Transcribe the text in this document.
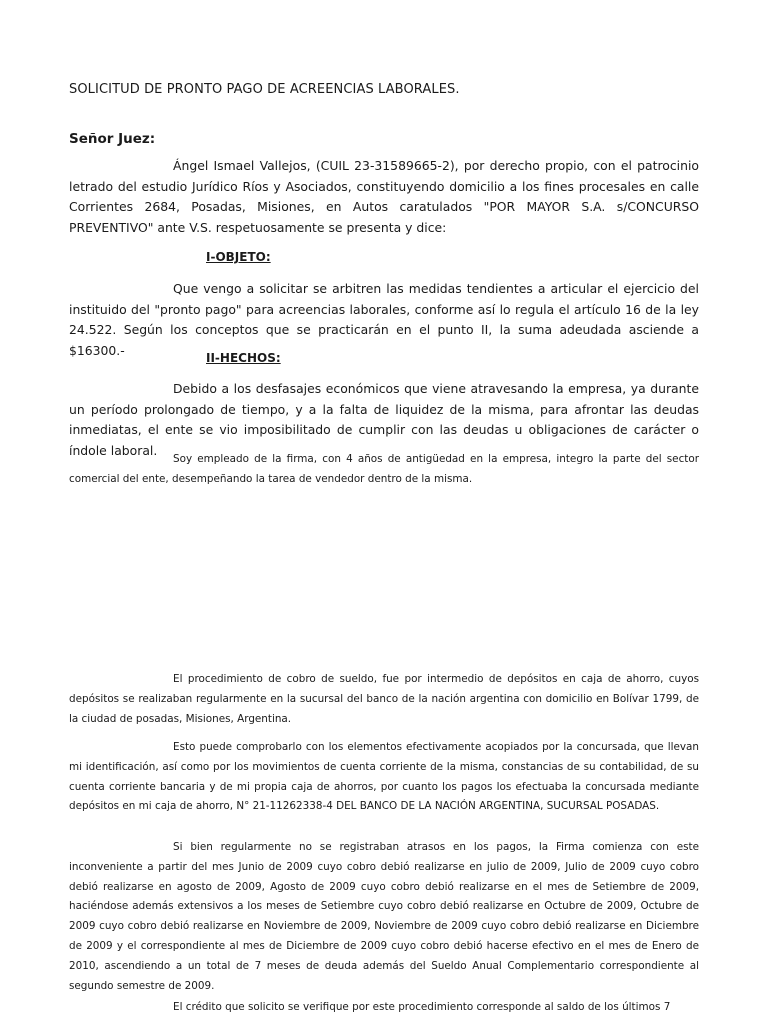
SOLICITUD DE PRONTO PAGO DE ACREENCIAS LABORALES.

Señor Juez:

Ángel Ismael Vallejos, (CUIL 23-31589665-2), por derecho propio, con el patrocinio letrado del estudio Jurídico Ríos y Asociados, constituyendo domicilio a los fines procesales en calle Corrientes 2684, Posadas, Misiones, en Autos caratulados "POR MAYOR S.A. s/CONCURSO PREVENTIVO" ante V.S. respetuosamente se presenta y dice:

I-OBJETO:

Que vengo a solicitar se arbitren las medidas tendientes a articular el ejercicio del instituido del "pronto pago" para acreencias laborales, conforme así lo regula el artículo 16 de la ley 24.522. Según los conceptos que se practicarán en el punto II, la suma adeudada asciende a $16300.-	II-HECHOS:

Debido a los desfasajes económicos que viene atravesando la empresa, ya durante un período prolongado de tiempo, y a la falta de liquidez de la misma, para afrontar las deudas inmediatas, el ente se vio imposibilitado de cumplir con las deudas u obligaciones de carácter o índole laboral.

Soy empleado de la firma, con 4 años de antigüedad en la empresa, integro la parte del sector comercial del ente, desempeñando la tarea de vendedor dentro de la misma.

El procedimiento de cobro de sueldo, fue por intermedio de depósitos en caja de ahorro, cuyos depósitos se realizaban regularmente en la sucursal del banco de la nación argentina con domicilio en Bolívar 1799, de la ciudad de posadas, Misiones, Argentina.

Esto puede comprobarlo con los elementos efectivamente acopiados por la concursada, que llevan mi identificación, así como por los movimientos de cuenta corriente de la misma, constancias de su contabilidad, de su cuenta corriente bancaria y de mi propia caja de ahorros, por cuanto los pagos los efectuaba la concursada mediante depósitos en mi caja de ahorro, N° 21-11262338-4 DEL BANCO DE LA NACIÓN ARGENTINA, SUCURSAL POSADAS.

Si bien regularmente no se registraban atrasos en los pagos, la Firma comienza con este inconveniente a partir del mes Junio de 2009 cuyo cobro debió realizarse en julio de 2009, Julio de 2009 cuyo cobro debió realizarse en agosto de 2009, Agosto de 2009 cuyo cobro debió realizarse en el mes de Setiembre de 2009, haciéndose además extensivos a los meses de Setiembre cuyo cobro debió realizarse en Octubre de 2009, Octubre de 2009 cuyo cobro debió realizarse en Noviembre de 2009, Noviembre de 2009 cuyo cobro debió realizarse en Diciembre de 2009 y el correspondiente al mes de Diciembre de 2009 cuyo cobro debió hacerse efectivo en el mes de Enero de 2010, ascendiendo a un total de 7 meses de deuda además del Sueldo Anual Complementario correspondiente al segundo semestre de 2009.

El crédito que solicito se verifique por este procedimiento corresponde al saldo de los últimos 7
